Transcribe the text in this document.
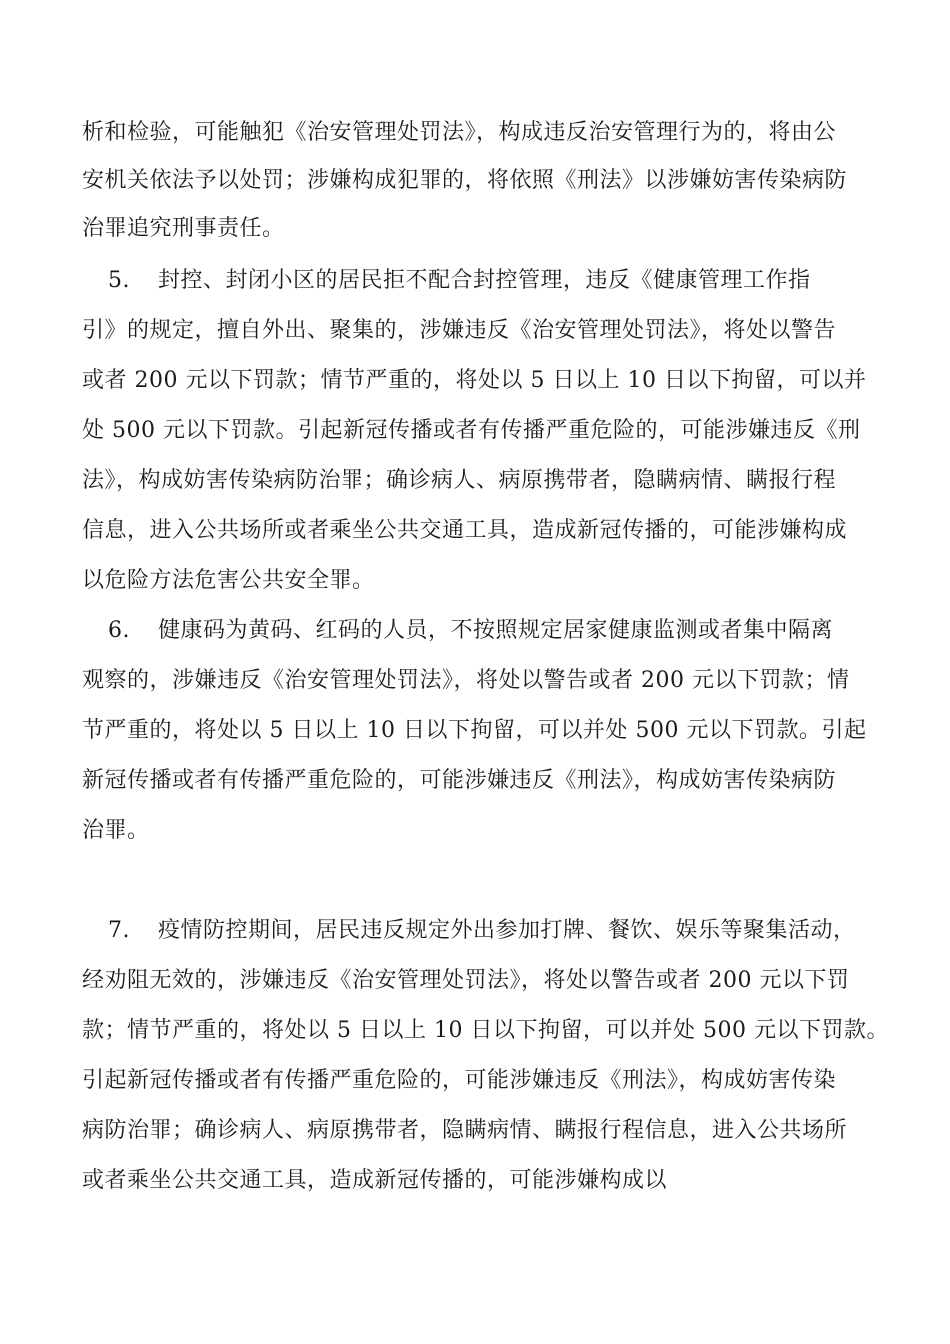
析和检验，可能触犯《治安管理处罚法》，构成违反治安管理行为的，将由公
安机关依法予以处罚；涉嫌构成犯罪的，将依照《刑法》以涉嫌妨害传染病防
治罪追究刑事责任。
5. 封控、封闭小区的居民拒不配合封控管理，违反《健康管理工作指
引》的规定，擅自外出、聚集的，涉嫌违反《治安管理处罚法》，将处以警告
或者 200 元以下罚款；情节严重的，将处以 5 日以上 10 日以下拘留，可以并
处 500 元以下罚款。引起新冠传播或者有传播严重危险的，可能涉嫌违反《刑
法》，构成妨害传染病防治罪；确诊病人、病原携带者，隐瞒病情、瞒报行程
信息，进入公共场所或者乘坐公共交通工具，造成新冠传播的，可能涉嫌构成
以危险方法危害公共安全罪。
6. 健康码为黄码、红码的人员，不按照规定居家健康监测或者集中隔离
观察的，涉嫌违反《治安管理处罚法》，将处以警告或者 200 元以下罚款；情
节严重的，将处以 5 日以上 10 日以下拘留，可以并处 500 元以下罚款。引起
新冠传播或者有传播严重危险的，可能涉嫌违反《刑法》，构成妨害传染病防
治罪。
7. 疫情防控期间，居民违反规定外出参加打牌、餐饮、娱乐等聚集活动，
经劝阻无效的，涉嫌违反《治安管理处罚法》，将处以警告或者 200 元以下罚
款；情节严重的，将处以 5 日以上 10 日以下拘留，可以并处 500 元以下罚款。
引起新冠传播或者有传播严重危险的，可能涉嫌违反《刑法》，构成妨害传染
病防治罪；确诊病人、病原携带者，隐瞒病情、瞒报行程信息，进入公共场所
或者乘坐公共交通工具，造成新冠传播的，可能涉嫌构成以
